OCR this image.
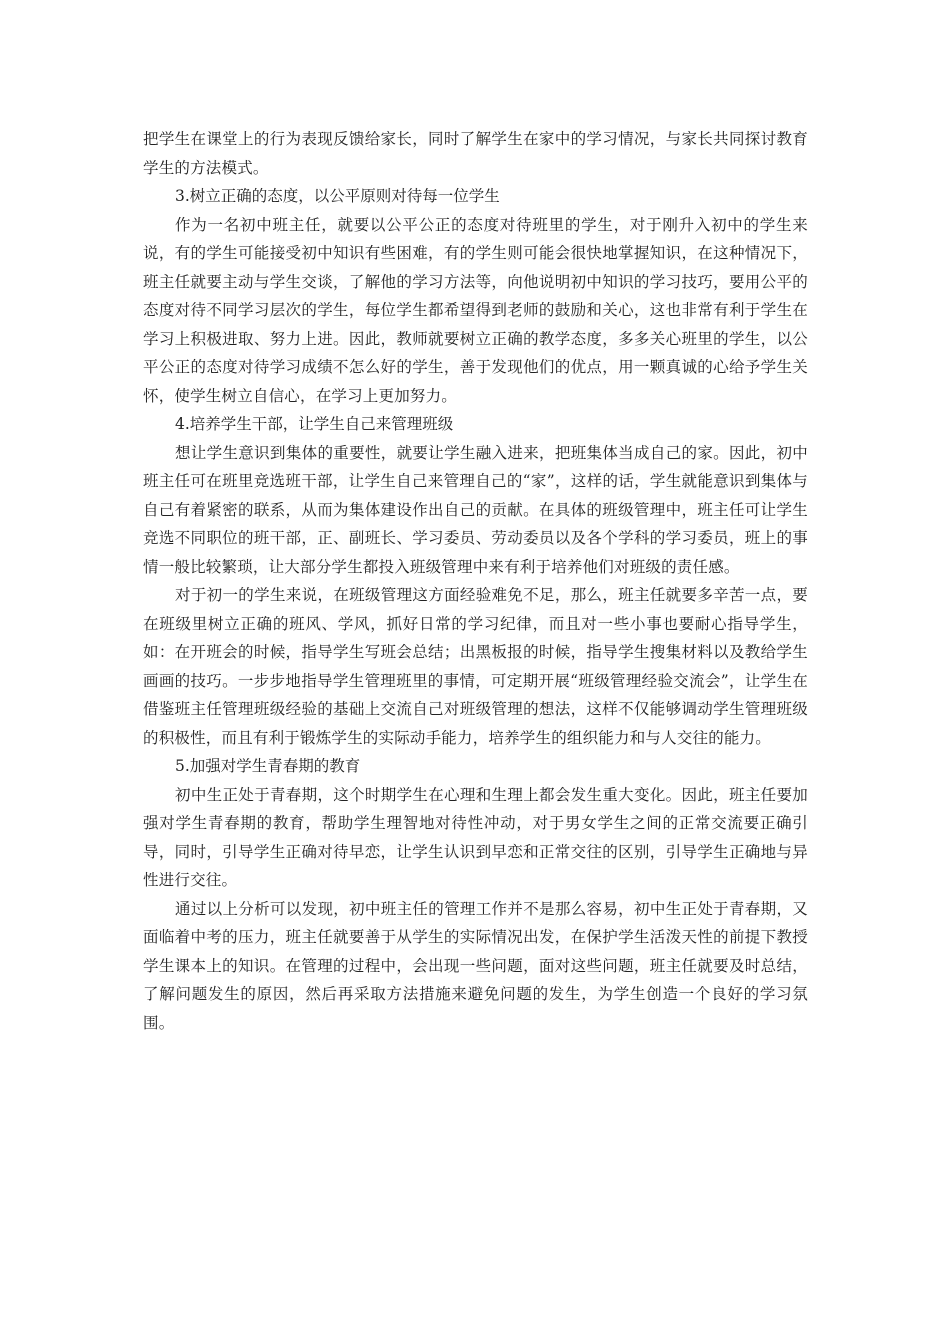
把学生在课堂上的行为表现反馈给家长，同时了解学生在家中的学习情况，与家长共同探讨教育学生的方法模式。

3.树立正确的态度，以公平原则对待每一位学生

作为一名初中班主任，就要以公平公正的态度对待班里的学生，对于刚升入初中的学生来说，有的学生可能接受初中知识有些困难，有的学生则可能会很快地掌握知识，在这种情况下，班主任就要主动与学生交谈，了解他的学习方法等，向他说明初中知识的学习技巧，要用公平的态度对待不同学习层次的学生，每位学生都希望得到老师的鼓励和关心，这也非常有利于学生在学习上积极进取、努力上进。因此，教师就要树立正确的教学态度，多多关心班里的学生，以公平公正的态度对待学习成绩不怎么好的学生，善于发现他们的优点，用一颗真诚的心给予学生关怀，使学生树立自信心，在学习上更加努力。

4.培养学生干部，让学生自己来管理班级

想让学生意识到集体的重要性，就要让学生融入进来，把班集体当成自己的家。因此，初中班主任可在班里竞选班干部，让学生自己来管理自己的“家”，这样的话，学生就能意识到集体与自己有着紧密的联系，从而为集体建设作出自己的贡献。在具体的班级管理中，班主任可让学生竞选不同职位的班干部，正、副班长、学习委员、劳动委员以及各个学科的学习委员，班上的事情一般比较繁琐，让大部分学生都投入班级管理中来有利于培养他们对班级的责任感。

对于初一的学生来说，在班级管理这方面经验难免不足，那么，班主任就要多辛苦一点，要在班级里树立正确的班风、学风，抓好日常的学习纪律，而且对一些小事也要耐心指导学生，如：在开班会的时候，指导学生写班会总结；出黑板报的时候，指导学生搜集材料以及教给学生画画的技巧。一步步地指导学生管理班里的事情，可定期开展“班级管理经验交流会”，让学生在借鉴班主任管理班级经验的基础上交流自己对班级管理的想法，这样不仅能够调动学生管理班级的积极性，而且有利于锻炼学生的实际动手能力，培养学生的组织能力和与人交往的能力。

5.加强对学生青春期的教育

初中生正处于青春期，这个时期学生在心理和生理上都会发生重大变化。因此，班主任要加强对学生青春期的教育，帮助学生理智地对待性冲动，对于男女学生之间的正常交流要正确引导，同时，引导学生正确对待早恋，让学生认识到早恋和正常交往的区别，引导学生正确地与异性进行交往。

通过以上分析可以发现，初中班主任的管理工作并不是那么容易，初中生正处于青春期，又面临着中考的压力，班主任就要善于从学生的实际情况出发，在保护学生活泼天性的前提下教授学生课本上的知识。在管理的过程中，会出现一些问题，面对这些问题，班主任就要及时总结，了解问题发生的原因，然后再采取方法措施来避免问题的发生，为学生创造一个良好的学习氛围。
